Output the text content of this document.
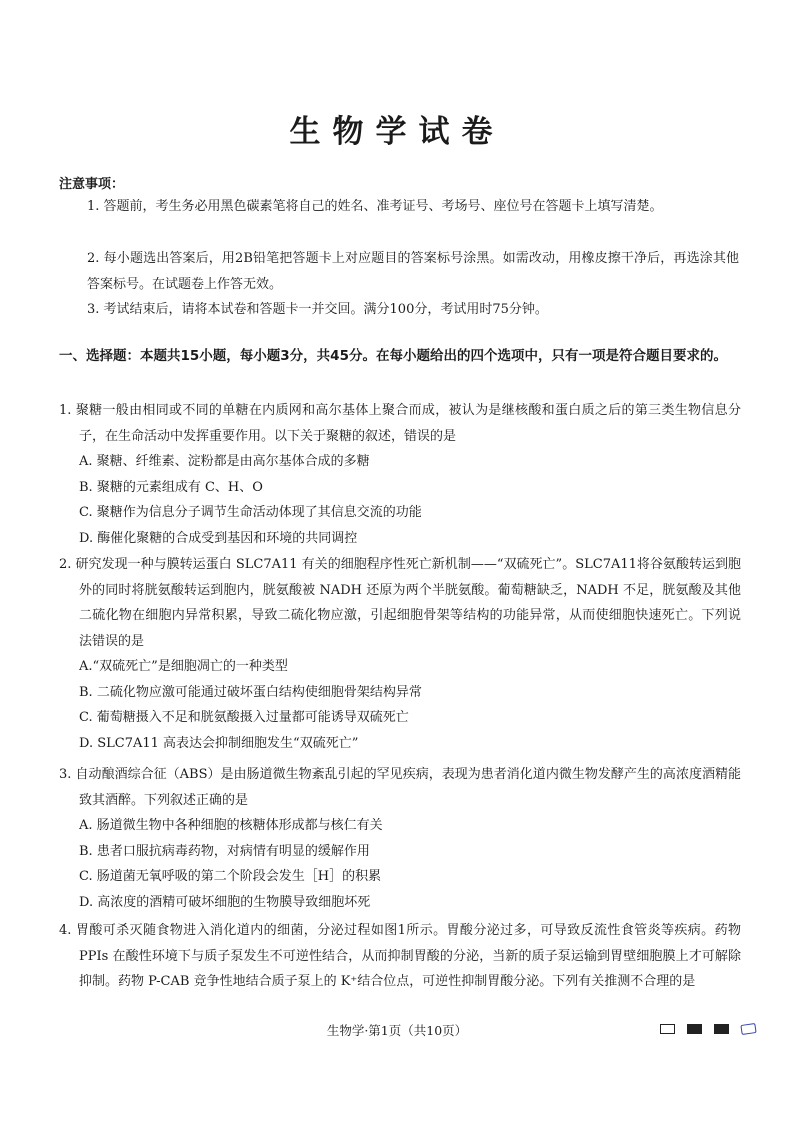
生物学试卷
注意事项：
1. 答题前，考生务必用黑色碳素笔将自己的姓名、准考证号、考场号、座位号在答题卡上填写清楚。
2. 每小题选出答案后，用2B铅笔把答题卡上对应题目的答案标号涂黑。如需改动，用橡皮擦干净后，再选涂其他答案标号。在试题卷上作答无效。
3. 考试结束后，请将本试卷和答题卡一并交回。满分100分，考试用时75分钟。
一、选择题：本题共15小题，每小题3分，共45分。在每小题给出的四个选项中，只有一项是符合题目要求的。
1. 聚糖一般由相同或不同的单糖在内质网和高尔基体上聚合而成，被认为是继核酸和蛋白质之后的第三类生物信息分子，在生命活动中发挥重要作用。以下关于聚糖的叙述，错误的是
A. 聚糖、纤维素、淀粉都是由高尔基体合成的多糖
B. 聚糖的元素组成有 C、H、O
C. 聚糖作为信息分子调节生命活动体现了其信息交流的功能
D. 酶催化聚糖的合成受到基因和环境的共同调控
2. 研究发现一种与膜转运蛋白 SLC7A11 有关的细胞程序性死亡新机制——“双硫死亡”。SLC7A11将谷氨酸转运到胞外的同时将胱氨酸转运到胞内，胱氨酸被 NADH 还原为两个半胱氨酸。葡萄糖缺乏，NADH 不足，胱氨酸及其他二硫化物在细胞内异常积累，导致二硫化物应激，引起细胞骨架等结构的功能异常，从而使细胞快速死亡。下列说法错误的是
A.“双硫死亡”是细胞凋亡的一种类型
B. 二硫化物应激可能通过破坏蛋白结构使细胞骨架结构异常
C. 葡萄糖摄入不足和胱氨酸摄入过量都可能诱导双硫死亡
D. SLC7A11 高表达会抑制细胞发生“双硫死亡”
3. 自动酿酒综合征（ABS）是由肠道微生物紊乱引起的罕见疾病，表现为患者消化道内微生物发酵产生的高浓度酒精能致其酒醉。下列叙述正确的是
A. 肠道微生物中各种细胞的核糖体形成都与核仁有关
B. 患者口服抗病毒药物，对病情有明显的缓解作用
C. 肠道菌无氧呼吸的第二个阶段会发生［H］的积累
D. 高浓度的酒精可破坏细胞的生物膜导致细胞坏死
4. 胃酸可杀灭随食物进入消化道内的细菌，分泌过程如图1所示。胃酸分泌过多，可导致反流性食管炎等疾病。药物 PPIs 在酸性环境下与质子泵发生不可逆性结合，从而抑制胃酸的分泌，当新的质子泵运输到胃壁细胞膜上才可解除抑制。药物 P-CAB 竞争性地结合质子泵上的 K⁺结合位点，可逆性抑制胃酸分泌。下列有关推测不合理的是
生物学·第1页（共10页）
